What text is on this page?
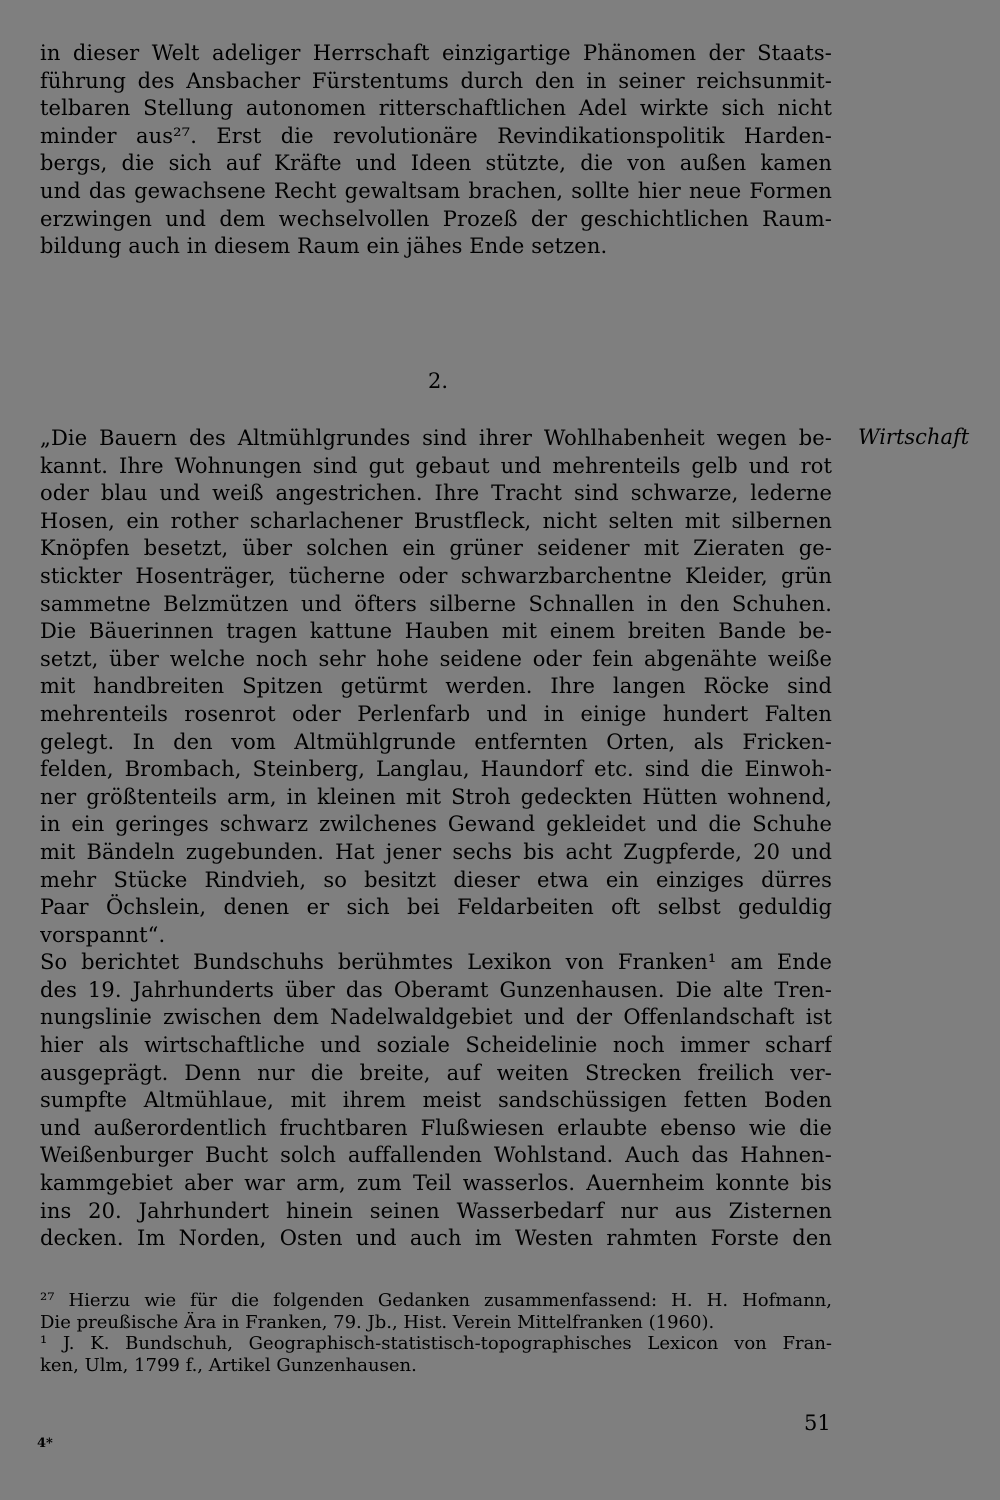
in dieser Welt adeliger Herrschaft einzigartige Phänomen der Staats-
führung des Ansbacher Fürstentums durch den in seiner reichsunmit-
telbaren Stellung autonomen ritterschaftlichen Adel wirkte sich nicht
minder aus²⁷. Erst die revolutionäre Revindikationspolitik Harden-
bergs, die sich auf Kräfte und Ideen stützte, die von außen kamen
und das gewachsene Recht gewaltsam brachen, sollte hier neue Formen
erzwingen und dem wechselvollen Prozeß der geschichtlichen Raum-
bildung auch in diesem Raum ein jähes Ende setzen.
2.
Wirtschaft
„Die Bauern des Altmühlgrundes sind ihrer Wohlhabenheit wegen be-
kannt. Ihre Wohnungen sind gut gebaut und mehrenteils gelb und rot
oder blau und weiß angestrichen. Ihre Tracht sind schwarze, lederne
Hosen, ein rother scharlachener Brustfleck, nicht selten mit silbernen
Knöpfen besetzt, über solchen ein grüner seidener mit Zieraten ge-
stickter Hosenträger, tücherne oder schwarzbarchentne Kleider, grün
sammetne Belzmützen und öfters silberne Schnallen in den Schuhen.
Die Bäuerinnen tragen kattune Hauben mit einem breiten Bande be-
setzt, über welche noch sehr hohe seidene oder fein abgenähte weiße
mit handbreiten Spitzen getürmt werden. Ihre langen Röcke sind
mehrenteils rosenrot oder Perlenfarb und in einige hundert Falten
gelegt. In den vom Altmühlgrunde entfernten Orten, als Fricken-
felden, Brombach, Steinberg, Langlau, Haundorf etc. sind die Einwoh-
ner größtenteils arm, in kleinen mit Stroh gedeckten Hütten wohnend,
in ein geringes schwarz zwilchenes Gewand gekleidet und die Schuhe
mit Bändeln zugebunden. Hat jener sechs bis acht Zugpferde, 20 und
mehr Stücke Rindvieh, so besitzt dieser etwa ein einziges dürres
Paar Öchslein, denen er sich bei Feldarbeiten oft selbst geduldig
vorspannt“.
So berichtet Bundschuhs berühmtes Lexikon von Franken¹ am Ende
des 19. Jahrhunderts über das Oberamt Gunzenhausen. Die alte Tren-
nungslinie zwischen dem Nadelwaldgebiet und der Offenlandschaft ist
hier als wirtschaftliche und soziale Scheidelinie noch immer scharf
ausgeprägt. Denn nur die breite, auf weiten Strecken freilich ver-
sumpfte Altmühlaue, mit ihrem meist sandschüssigen fetten Boden
und außerordentlich fruchtbaren Flußwiesen erlaubte ebenso wie die
Weißenburger Bucht solch auffallenden Wohlstand. Auch das Hahnen-
kammgebiet aber war arm, zum Teil wasserlos. Auernheim konnte bis
ins 20. Jahrhundert hinein seinen Wasserbedarf nur aus Zisternen
decken. Im Norden, Osten und auch im Westen rahmten Forste den
²⁷ Hierzu wie für die folgenden Gedanken zusammenfassend: H. H. Hofmann,
Die preußische Ära in Franken, 79. Jb., Hist. Verein Mittelfranken (1960).
¹ J. K. Bundschuh, Geographisch-statistisch-topographisches Lexicon von Fran-
ken, Ulm, 1799 f., Artikel Gunzenhausen.
51
4*
